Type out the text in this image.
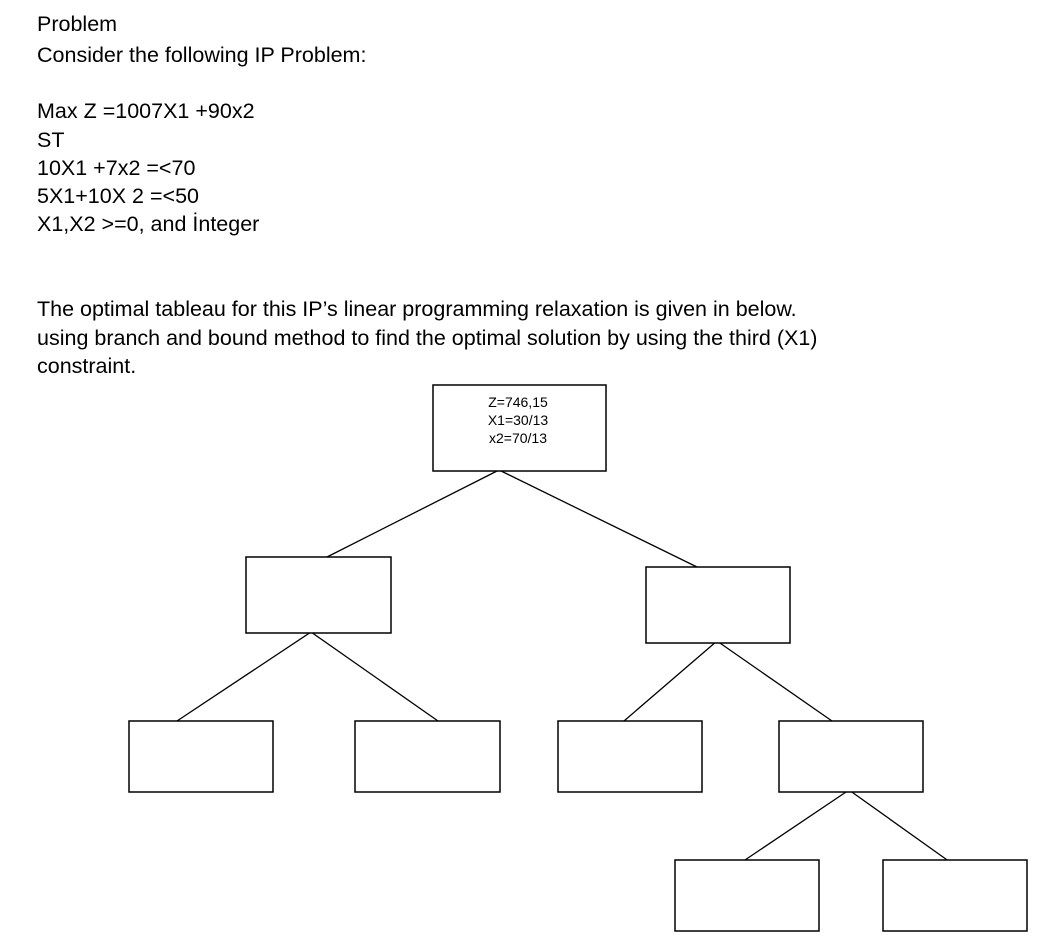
Problem
Consider the following IP Problem:
Max Z =1007X1 +90x2
ST
10X1 +7x2 =<70
5X1+10X 2 =<50
X1,X2 >=0, and İnteger
The optimal tableau for this IP’s linear programming relaxation is given in below.
using branch and bound method to find the optimal solution by using the third (X1)
constraint.
Z=746,15
X1=30/13
x2=70/13
